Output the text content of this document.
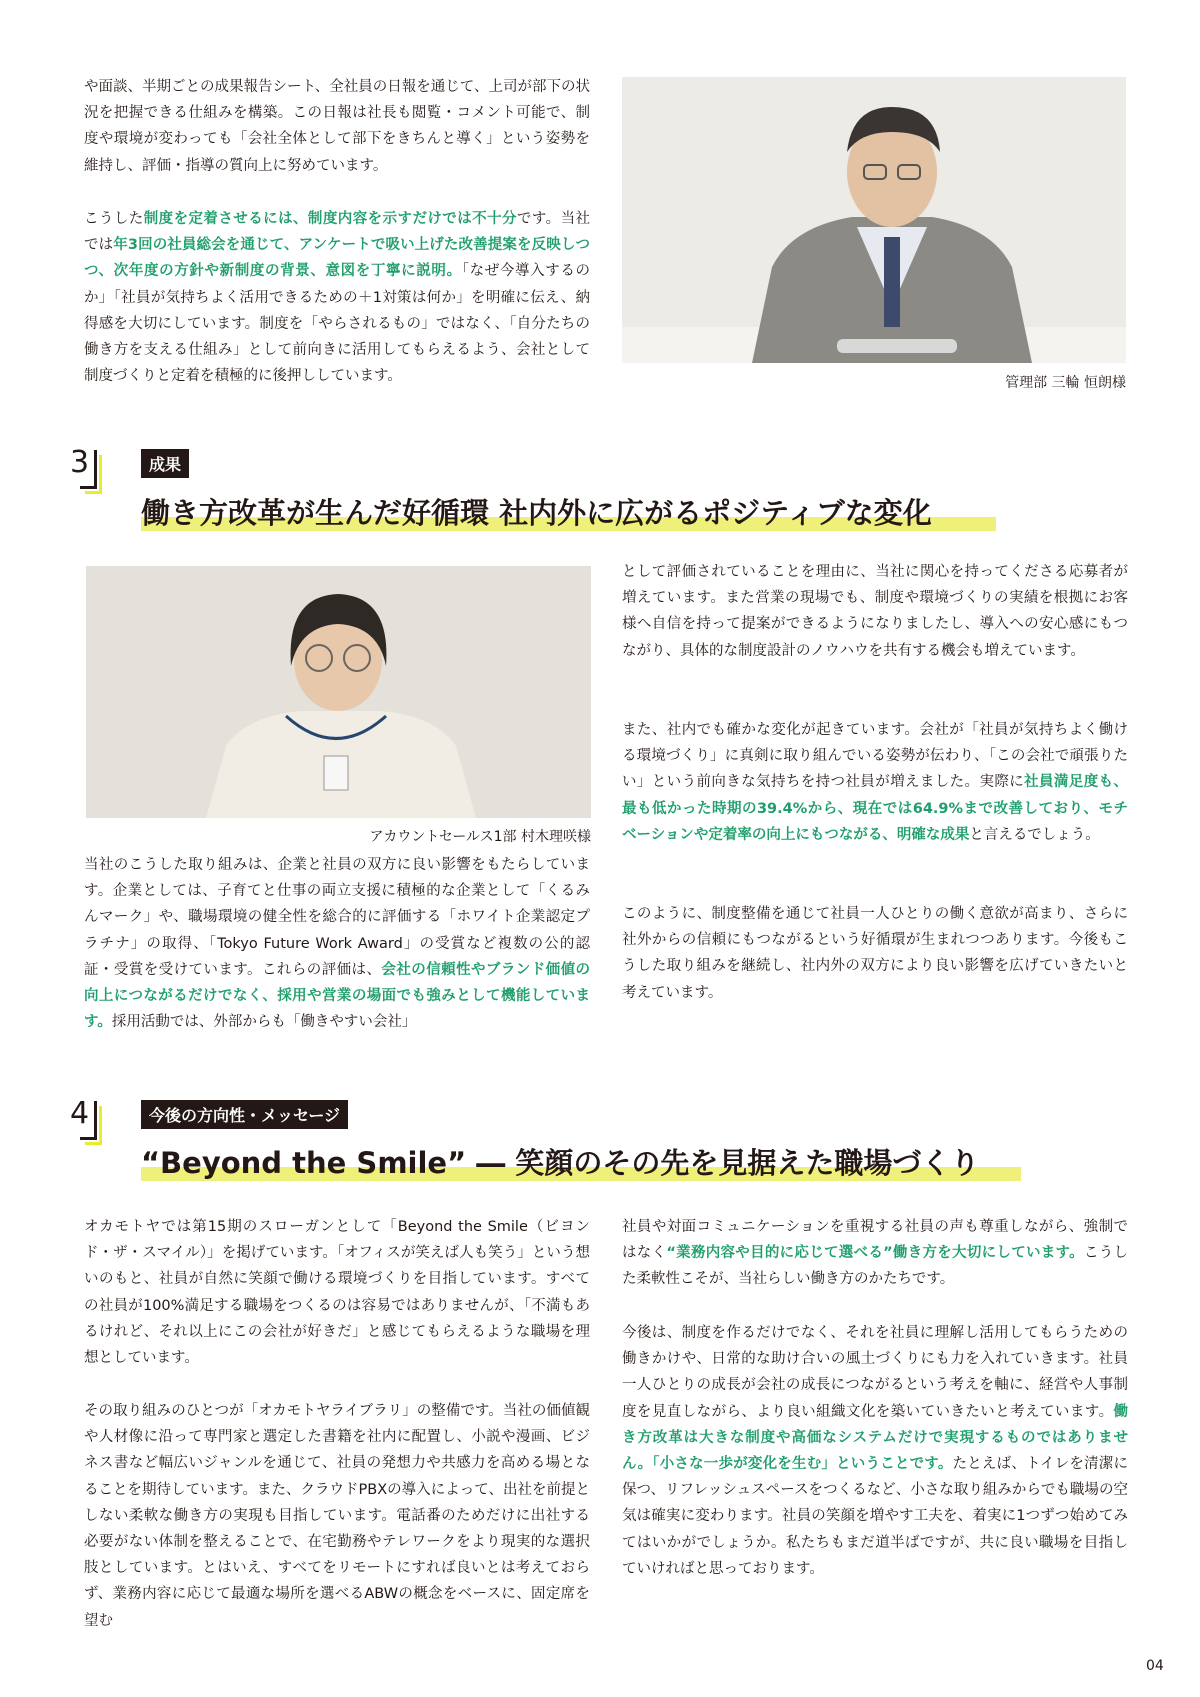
や面談、半期ごとの成果報告シート、全社員の日報を通じて、上司が部下の状況を把握できる仕組みを構築。この日報は社長も閲覧・コメント可能で、制度や環境が変わっても「会社全体として部下をきちんと導く」という姿勢を維持し、評価・指導の質向上に努めています。

こうした制度を定着させるには、制度内容を示すだけでは不十分です。当社では年3回の社員総会を通じて、アンケートで吸い上げた改善提案を反映しつつ、次年度の方針や新制度の背景、意図を丁寧に説明。「なぜ今導入するのか」「社員が気持ちよく活用できるための＋1対策は何か」を明確に伝え、納得感を大切にしています。制度を「やらされるもの」ではなく、「自分たちの働き方を支える仕組み」として前向きに活用してもらえるよう、会社として制度づくりと定着を積極的に後押ししています。	管理部 三輪 恒朗様
3	成果
働き方改革が生んだ好循環 社内外に広がるポジティブな変化
アカウントセールス1部 村木理咲様

当社のこうした取り組みは、企業と社員の双方に良い影響をもたらしています。企業としては、子育てと仕事の両立支援に積極的な企業として「くるみんマーク」や、職場環境の健全性を総合的に評価する「ホワイト企業認定プラチナ」の取得、「Tokyo Future Work Award」の受賞など複数の公的認証・受賞を受けています。これらの評価は、会社の信頼性やブランド価値の向上につながるだけでなく、採用や営業の場面でも強みとして機能しています。採用活動では、外部からも「働きやすい会社」

として評価されていることを理由に、当社に関心を持ってくださる応募者が増えています。また営業の現場でも、制度や環境づくりの実績を根拠にお客様へ自信を持って提案ができるようになりましたし、導入への安心感にもつながり、具体的な制度設計のノウハウを共有する機会も増えています。

また、社内でも確かな変化が起きています。会社が「社員が気持ちよく働ける環境づくり」に真剣に取り組んでいる姿勢が伝わり、「この会社で頑張りたい」という前向きな気持ちを持つ社員が増えました。実際に社員満足度も、最も低かった時期の39.4%から、現在では64.9%まで改善しており、モチベーションや定着率の向上にもつながる、明確な成果と言えるでしょう。

このように、制度整備を通じて社員一人ひとりの働く意欲が高まり、さらに社外からの信頼にもつながるという好循環が生まれつつあります。今後もこうした取り組みを継続し、社内外の双方により良い影響を広げていきたいと考えています。

4	今後の方向性・メッセージ
“Beyond the Smile” ― 笑顔のその先を見据えた職場づくり

オカモトヤでは第15期のスローガンとして「Beyond the Smile（ビヨンド・ザ・スマイル）」を掲げています。「オフィスが笑えば人も笑う」という想いのもと、社員が自然に笑顔で働ける環境づくりを目指しています。すべての社員が100%満足する職場をつくるのは容易ではありませんが、「不満もあるけれど、それ以上にこの会社が好きだ」と感じてもらえるような職場を理想としています。

その取り組みのひとつが「オカモトヤライブラリ」の整備です。当社の価値観や人材像に沿って専門家と選定した書籍を社内に配置し、小説や漫画、ビジネス書など幅広いジャンルを通じて、社員の発想力や共感力を高める場となることを期待しています。また、クラウドPBXの導入によって、出社を前提としない柔軟な働き方の実現も目指しています。電話番のためだけに出社する必要がない体制を整えることで、在宅勤務やテレワークをより現実的な選択肢としています。とはいえ、すべてをリモートにすれば良いとは考えておらず、業務内容に応じて最適な場所を選べるABWの概念をベースに、固定席を望む

社員や対面コミュニケーションを重視する社員の声も尊重しながら、強制ではなく“業務内容や目的に応じて選べる”働き方を大切にしています。こうした柔軟性こそが、当社らしい働き方のかたちです。

今後は、制度を作るだけでなく、それを社員に理解し活用してもらうための働きかけや、日常的な助け合いの風土づくりにも力を入れていきます。社員一人ひとりの成長が会社の成長につながるという考えを軸に、経営や人事制度を見直しながら、より良い組織文化を築いていきたいと考えています。働き方改革は大きな制度や高価なシステムだけで実現するものではありません。「小さな一歩が変化を生む」ということです。たとえば、トイレを清潔に保つ、リフレッシュスペースをつくるなど、小さな取り組みからでも職場の空気は確実に変わります。社員の笑顔を増やす工夫を、着実に1つずつ始めてみてはいかがでしょうか。私たちもまだ道半ばですが、共に良い職場を目指していければと思っております。

04
